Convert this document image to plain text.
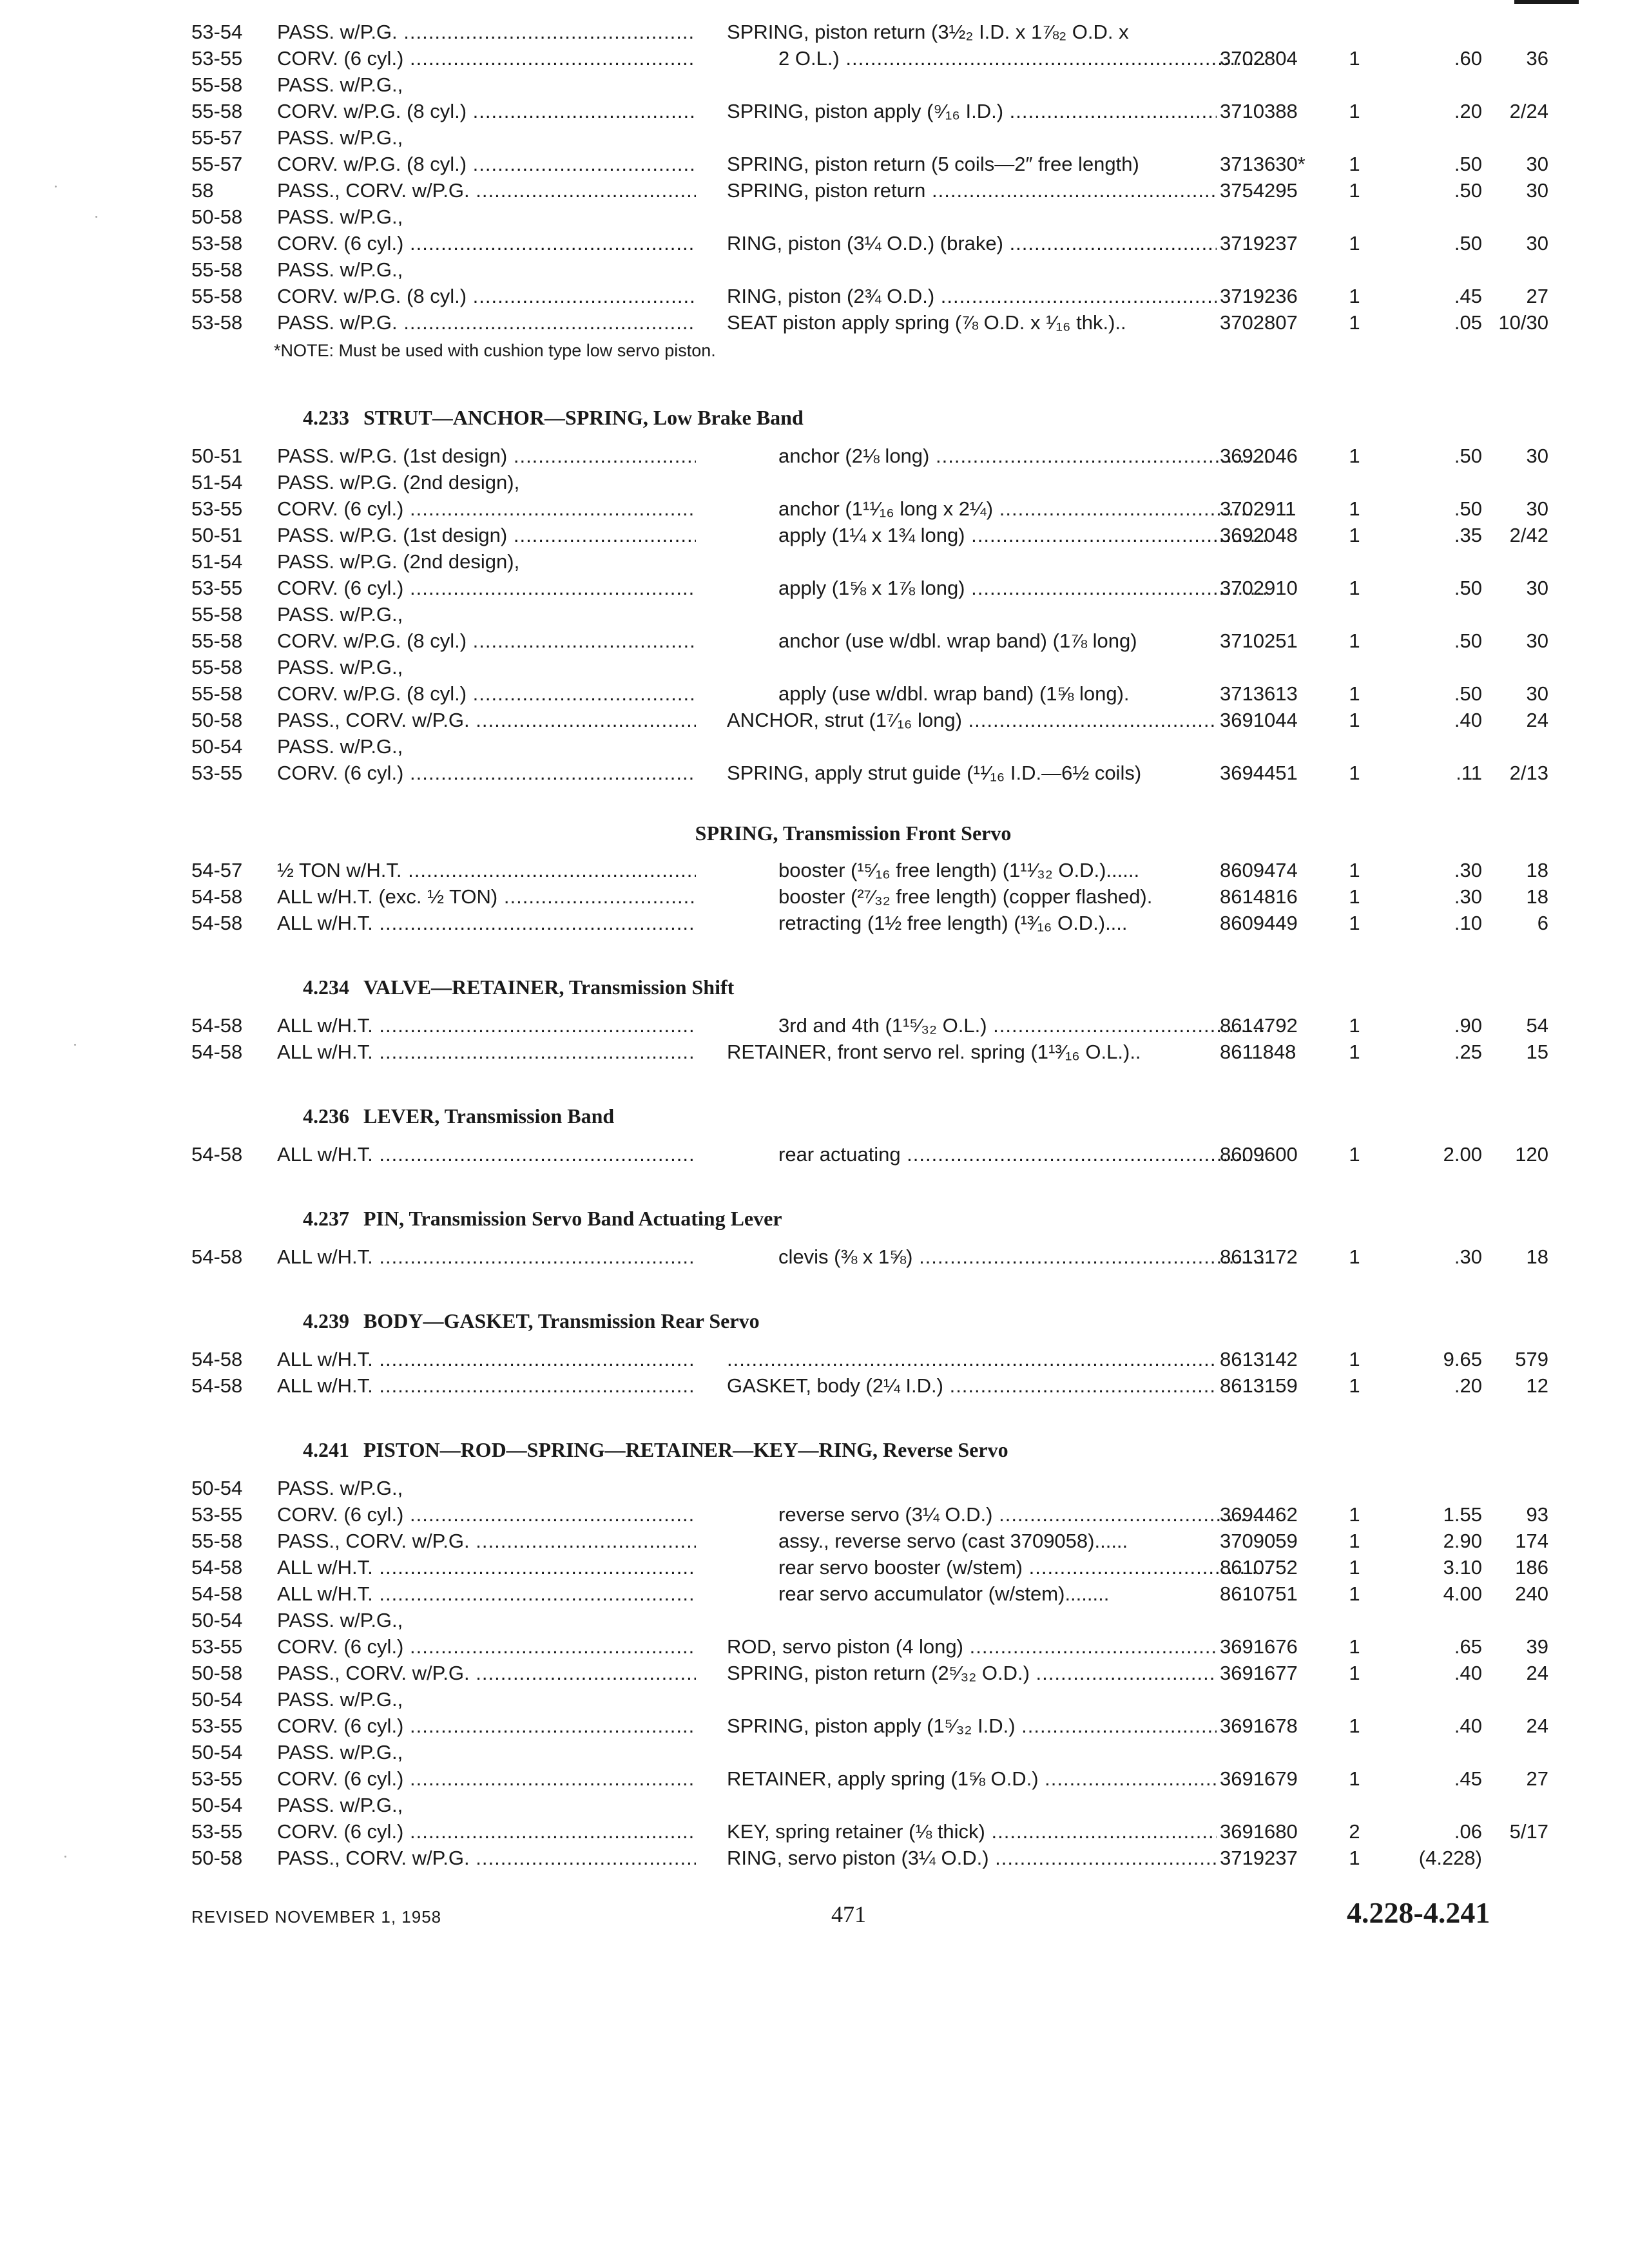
53-54	PASS. w/P.G. .....	SPRING, piston return (3½₂ I.D. x 1⅞₂ O.D. x
53-55	CORV. (6 cyl.) .....	2 O.L.) .....	3702804	1	.60	36
55-58	PASS. w/P.G.,
55-58	CORV. w/P.G. (8 cyl.) .....	SPRING, piston apply (⁹⁄₁₆ I.D.) .....	3710388	1	.20	2/24
55-57	PASS. w/P.G.,
55-57	CORV. w/P.G. (8 cyl.) .....	SPRING, piston return (5 coils—2″ free length)	3713630*	1	.50	30
58	PASS., CORV. w/P.G. .....	SPRING, piston return .....	3754295	1	.50	30
50-58	PASS. w/P.G.,
53-58	CORV. (6 cyl.) .....	RING, piston (3¼ O.D.) (brake) .....	3719237	1	.50	30
55-58	PASS. w/P.G.,
55-58	CORV. w/P.G. (8 cyl.) .....	RING, piston (2¾ O.D.) .....	3719236	1	.45	27
53-58	PASS. w/P.G. .....	SEAT piston apply spring (⅞ O.D. x ¹⁄₁₆ thk.)..	3702807	1	.05 10/30
*NOTE: Must be used with cushion type low servo piston.
4.233 STRUT—ANCHOR—SPRING, Low Brake Band
50-51	PASS. w/P.G. (1st design) .....	anchor (2⅛ long) .....	3692046	1	.50	30
51-54	PASS. w/P.G. (2nd design),
53-55	CORV. (6 cyl.) .....	anchor (1¹¹⁄₁₆ long x 2¼) .....	3702911	1	.50	30
50-51	PASS. w/P.G. (1st design) .....	apply (1¼ x 1¾ long) .....	3692048	1	.35	2/42
51-54	PASS. w/P.G. (2nd design),
53-55	CORV. (6 cyl.) .....	apply (1⅝ x 1⅞ long) .....	3702910	1	.50	30
55-58	PASS. w/P.G.,
55-58	CORV. w/P.G. (8 cyl.) .....	anchor (use w/dbl. wrap band) (1⅞ long)	3710251	1	.50	30
55-58	PASS. w/P.G.,
55-58	CORV. w/P.G. (8 cyl.) .....	apply (use w/dbl. wrap band) (1⅝ long).	3713613	1	.50	30
50-58	PASS., CORV. w/P.G. .....	ANCHOR, strut (1⁷⁄₁₆ long) .....	3691044	1	.40	24
50-54	PASS. w/P.G.,
53-55	CORV. (6 cyl.) .....	SPRING, apply strut guide (¹¹⁄₁₆ I.D.—6½ coils)	3694451	1	.11	2/13
SPRING, Transmission Front Servo
54-57	½ TON w/H.T. .....	booster (¹⁵⁄₁₆ free length) (1¹¹⁄₃₂ O.D.)......	8609474	1	.30	18
54-58	ALL w/H.T. (exc. ½ TON) .....	booster (²⁷⁄₃₂ free length) (copper flashed).	8614816	1	.30	18
54-58	ALL w/H.T. .....	retracting (1½ free length) (¹³⁄₁₆ O.D.)....	8609449	1	.10	6
4.234 VALVE—RETAINER, Transmission Shift
54-58	ALL w/H.T. .....	3rd and 4th (1¹⁵⁄₃₂ O.L.) .....	8614792	1	.90	54
54-58	ALL w/H.T. .....	RETAINER, front servo rel. spring (1¹³⁄₁₆ O.L.)..	8611848	1	.25	15
4.236 LEVER, Transmission Band
54-58	ALL w/H.T. .....	rear actuating .....	8609600	1	2.00	120
4.237 PIN, Transmission Servo Band Actuating Lever
54-58	ALL w/H.T. .....	clevis (⅜ x 1⅝) .....	8613172	1	.30	18
4.239 BODY—GASKET, Transmission Rear Servo
54-58	ALL w/H.T. .....
.....	8613142	1	9.65	579
54-58	ALL w/H.T. .....	GASKET, body (2¼ I.D.) .....	8613159	1	.20	12
4.241 PISTON—ROD—SPRING—RETAINER—KEY—RING, Reverse Servo
50-54	PASS. w/P.G.,
53-55	CORV. (6 cyl.) .....	reverse servo (3¼ O.D.) .....	3694462	1	1.55	93
55-58	PASS., CORV. w/P.G. .....	assy., reverse servo (cast 3709058)......	3709059	1	2.90	174
54-58	ALL w/H.T. .....	rear servo booster (w/stem) .....	8610752	1	3.10	186
54-58	ALL w/H.T. .....	rear servo accumulator (w/stem)........	8610751	1	4.00	240
50-54	PASS. w/P.G.,
53-55	CORV. (6 cyl.) .....	ROD, servo piston (4 long) .....	3691676	1	.65	39
50-58	PASS., CORV. w/P.G. .....	SPRING, piston return (2⁵⁄₃₂ O.D.) .....	3691677	1	.40	24
50-54	PASS. w/P.G.,
53-55	CORV. (6 cyl.) .....	SPRING, piston apply (1⁵⁄₃₂ I.D.) .....	3691678	1	.40	24
50-54	PASS. w/P.G.,
53-55	CORV. (6 cyl.) .....	RETAINER, apply spring (1⅝ O.D.) .....	3691679	1	.45	27
50-54	PASS. w/P.G.,
53-55	CORV. (6 cyl.) .....	KEY, spring retainer (⅛ thick) .....	3691680	2	.06	5/17
50-58	PASS., CORV. w/P.G. .....	RING, servo piston (3¼ O.D.) .....	3719237	1	(4.228)
REVISED NOVEMBER 1, 1958	471	4.228-4.241
